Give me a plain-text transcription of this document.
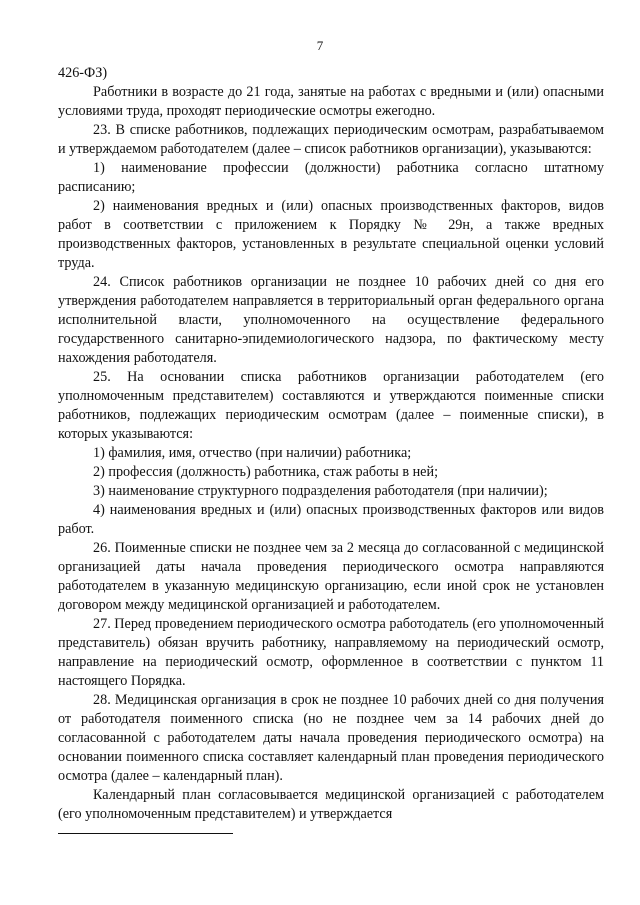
7

426-ФЗ)

Работники в возрасте до 21 года, занятые на работах с вредными и (или) опасными условиями труда, проходят периодические осмотры ежегодно.

23. В списке работников, подлежащих периодическим осмотрам, разрабатываемом и утверждаемом работодателем (далее – список работников организации), указываются:

1) наименование профессии (должности) работника согласно штатному расписанию;

2) наименования вредных и (или) опасных производственных факторов, видов работ в соответствии с приложением к Порядку № 29н, а также вредных производственных факторов, установленных в результате специальной оценки условий труда.

24. Список работников организации не позднее 10 рабочих дней со дня его утверждения работодателем направляется в территориальный орган федерального органа исполнительной власти, уполномоченного на осуществление федерального государственного санитарно-эпидемиологического надзора, по фактическому месту нахождения работодателя.

25. На основании списка работников организации работодателем (его уполномоченным представителем) составляются и утверждаются поименные списки работников, подлежащих периодическим осмотрам (далее – поименные списки), в которых указываются:

1) фамилия, имя, отчество (при наличии) работника;

2) профессия (должность) работника, стаж работы в ней;

3) наименование структурного подразделения работодателя (при наличии);

4) наименования вредных и (или) опасных производственных факторов или видов работ.

26. Поименные списки не позднее чем за 2 месяца до согласованной с медицинской организацией даты начала проведения периодического осмотра направляются работодателем в указанную медицинскую организацию, если иной срок не установлен договором между медицинской организацией и работодателем.

27. Перед проведением периодического осмотра работодатель (его уполномоченный представитель) обязан вручить работнику, направляемому на периодический осмотр, направление на периодический осмотр, оформленное в соответствии с пунктом 11 настоящего Порядка.

28. Медицинская организация в срок не позднее 10 рабочих дней со дня получения от работодателя поименного списка (но не позднее чем за 14 рабочих дней до согласованной с работодателем даты начала проведения периодического осмотра) на основании поименного списка составляет календарный план проведения периодического осмотра (далее – календарный план).

Календарный план согласовывается медицинской организацией с работодателем (его уполномоченным представителем) и утверждается
